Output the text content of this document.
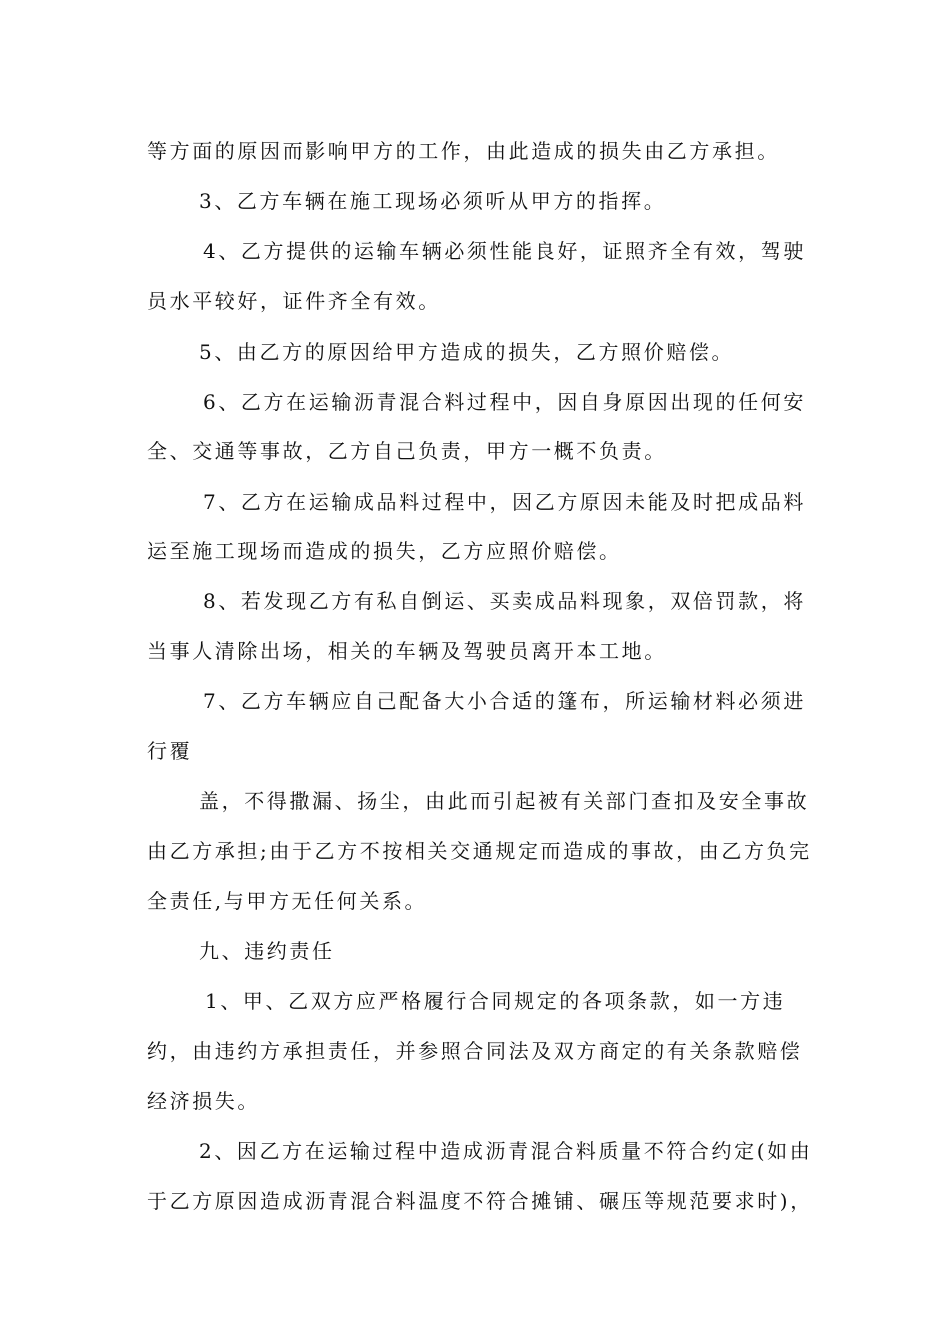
等方面的原因而影响甲方的工作，由此造成的损失由乙方承担。
3、乙方车辆在施工现场必须听从甲方的指挥。
4、乙方提供的运输车辆必须性能良好，证照齐全有效，驾驶
员水平较好，证件齐全有效。
5、由乙方的原因给甲方造成的损失，乙方照价赔偿。
6、乙方在运输沥青混合料过程中，因自身原因出现的任何安
全、交通等事故，乙方自己负责，甲方一概不负责。
7、乙方在运输成品料过程中，因乙方原因未能及时把成品料
运至施工现场而造成的损失，乙方应照价赔偿。
8、若发现乙方有私自倒运、买卖成品料现象，双倍罚款，将
当事人清除出场，相关的车辆及驾驶员离开本工地。
7、乙方车辆应自己配备大小合适的篷布，所运输材料必须进
行覆
盖，不得撒漏、扬尘，由此而引起被有关部门查扣及安全事故
由乙方承担;由于乙方不按相关交通规定而造成的事故，由乙方负完
全责任,与甲方无任何关系。
九、违约责任
1、甲、乙双方应严格履行合同规定的各项条款，如一方违
约，由违约方承担责任，并参照合同法及双方商定的有关条款赔偿
经济损失。
2、因乙方在运输过程中造成沥青混合料质量不符合约定(如由
于乙方原因造成沥青混合料温度不符合摊铺、碾压等规范要求时)，
